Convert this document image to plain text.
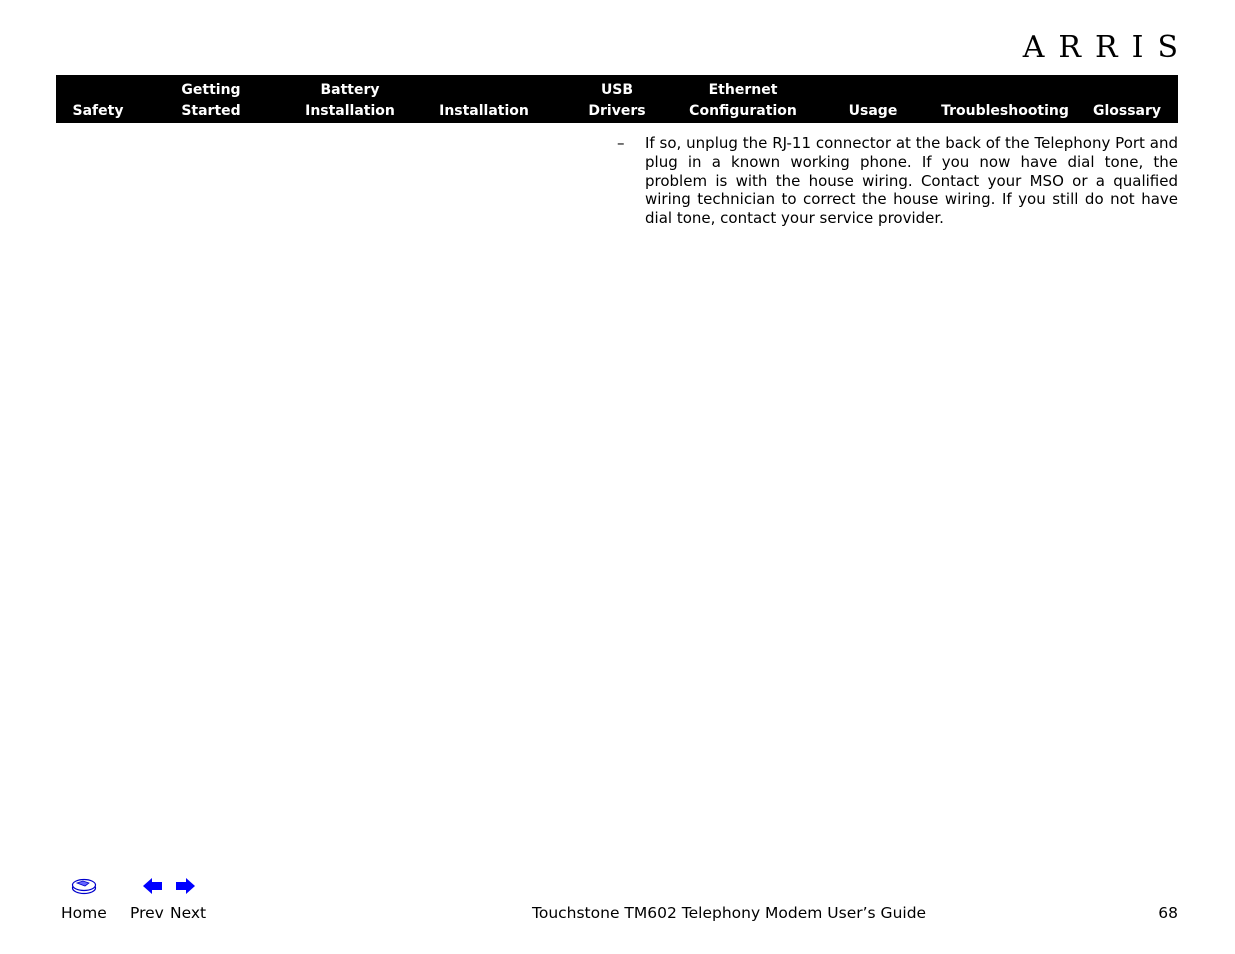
ARRIS
Safety
Getting
Started
Battery
Installation	Installation
USB
Drivers
Ethernet
Configuration	Usage	Troubleshooting	Glossary
– If so, unplug the RJ-11 connector at the back of the Telephony Port and plug in a known working phone. If you now have dial tone, the problem is with the house wiring. Contact your MSO or a qualified wiring technician to correct the house wiring. If you still do not have dial tone, contact your service provider.
Home Prev Next	Touchstone TM602 Telephony Modem User’s Guide	68
